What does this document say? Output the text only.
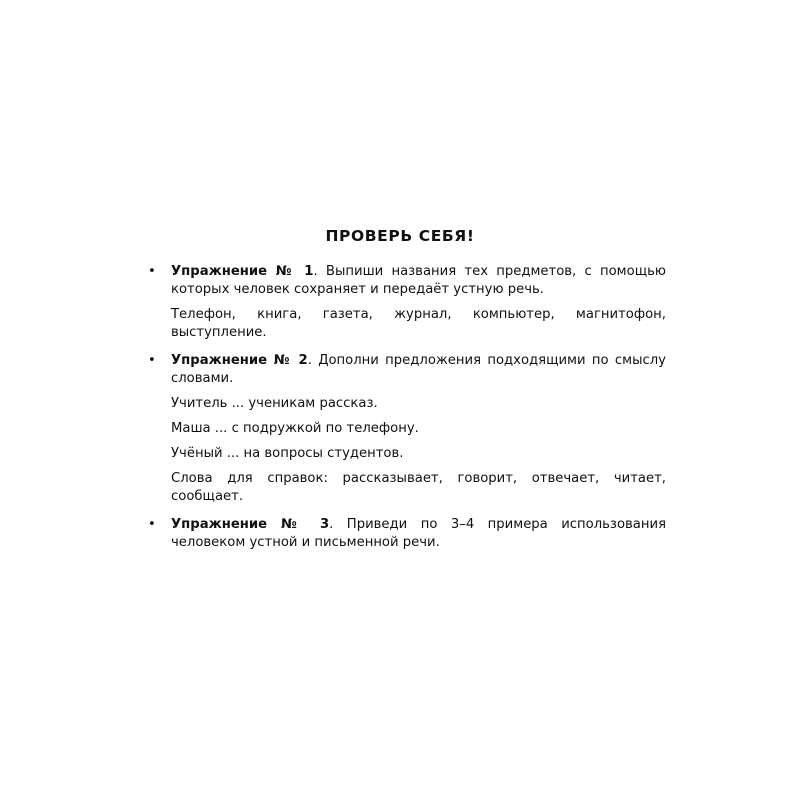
ПРОВЕРЬ СЕБЯ!
• Упражнение № 1. Выпиши названия тех предметов, с помощью которых человек сохраняет и передаёт устную речь.

Телефон, книга, газета, журнал, компьютер, магнитофон, выступление.

• Упражнение № 2. Дополни предложения подходящими по смыслу словами.

Учитель ... ученикам рассказ.

Маша ... с подружкой по телефону.

Учёный ... на вопросы студентов.

Слова для справок: рассказывает, говорит, отвечает, читает, сообщает.

• Упражнение № 3. Приведи по 3–4 примера использования человеком устной и письменной речи.
